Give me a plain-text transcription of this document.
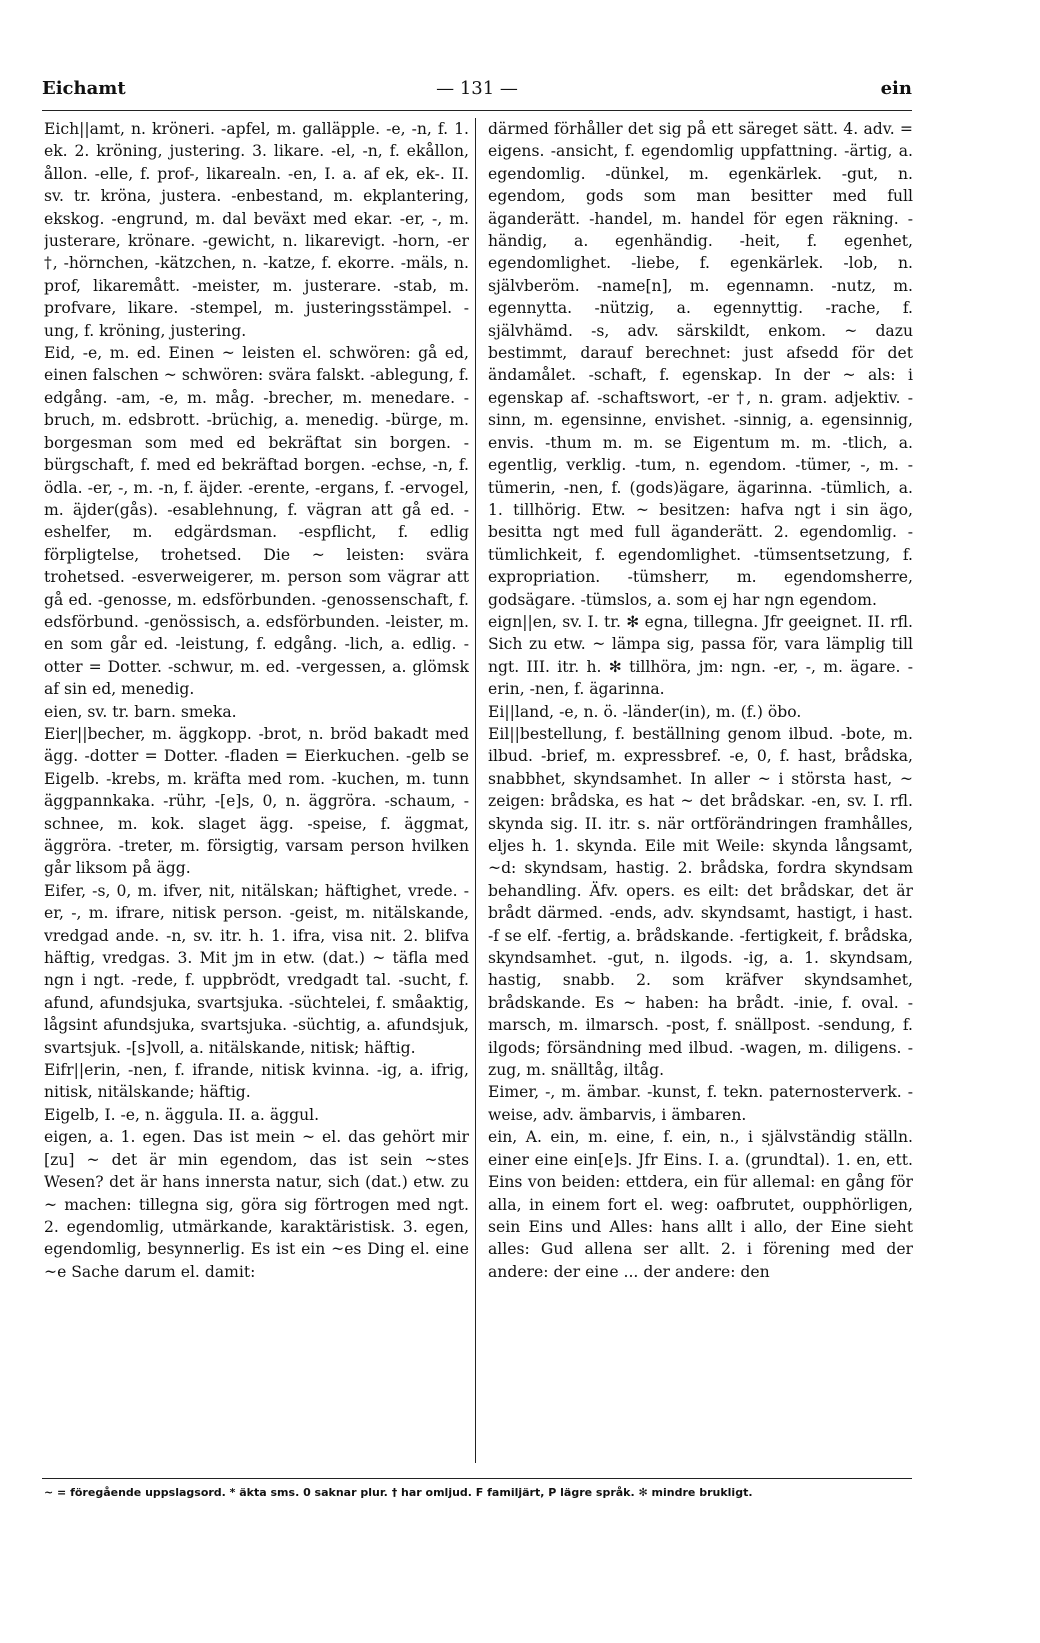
Eichamt	— 131 —	ein

Eich||amt, n. kröneri. -apfel, m. galläpple. -e, -n, f. 1. ek. 2. kröning, justering. 3. likare. -el, -n, f. ekållon, ållon. -elle, f. prof-, likarealn. -en, I. a. af ek, ek-. II. sv. tr. kröna, justera. -enbestand, m. ekplantering, ekskog. -engrund, m. dal beväxt med ekar. -er, -, m. justerare, krönare. -gewicht, n. likarevigt. -horn, -er †, -hörnchen, -kätzchen, n. -katze, f. ekorre. -mäls, n. prof, likaremått. -meister, m. justerare. -stab, m. profvare, likare. -stempel, m. justeringsstämpel. -ung, f. kröning, justering.

Eid, -e, m. ed. Einen ~ leisten el. schwören: gå ed, einen falschen ~ schwören: svära falskt. -ablegung, f. edgång. -am, -e, m. måg. -brecher, m. menedare. -bruch, m. edsbrott. -brüchig, a. menedig. -bürge, m. borgesman som med ed bekräftat sin borgen. -bürgschaft, f. med ed bekräftad borgen. -echse, -n, f. ödla. -er, -, m. -n, f. äjder. -erente, -ergans, f. -ervogel, m. äjder(gås). -esablehnung, f. vägran att gå ed. -eshelfer, m. edgärdsman. -espflicht, f. edlig förpligtelse, trohetsed. Die ~ leisten: svära trohetsed. -esverweigerer, m. person som vägrar att gå ed. -genosse, m. edsförbunden. -genossenschaft, f. edsförbund. -genössisch, a. edsförbunden. -leister, m. en som går ed. -leistung, f. edgång. -lich, a. edlig. -otter = Dotter. -schwur, m. ed. -vergessen, a. glömsk af sin ed, menedig.

eien, sv. tr. barn. smeka.

Eier||becher, m. äggkopp. -brot, n. bröd bakadt med ägg. -dotter = Dotter. -fladen = Eierkuchen. -gelb se Eigelb. -krebs, m. kräfta med rom. -kuchen, m. tunn äggpannkaka. -rühr, -[e]s, 0, n. äggröra. -schaum, -schnee, m. kok. slaget ägg. -speise, f. äggmat, äggröra. -treter, m. försigtig, varsam person hvilken går liksom på ägg.

Eifer, -s, 0, m. ifver, nit, nitälskan; häftighet, vrede. -er, -, m. ifrare, nitisk person. -geist, m. nitälskande, vredgad ande. -n, sv. itr. h. 1. ifra, visa nit. 2. blifva häftig, vredgas. 3. Mit jm in etw. (dat.) ~ täfla med ngn i ngt. -rede, f. uppbrödt, vredgadt tal. -sucht, f. afund, afundsjuka, svartsjuka. -süchtelei, f. småaktig, lågsint afundsjuka, svartsjuka. -süchtig, a. afundsjuk, svartsjuk. -[s]voll, a. nitälskande, nitisk; häftig.

Eifr||erin, -nen, f. ifrande, nitisk kvinna. -ig, a. ifrig, nitisk, nitälskande; häftig.

Eigelb, I. -e, n. äggula. II. a. äggul.

eigen, a. 1. egen. Das ist mein ~ el. das gehört mir [zu] ~ det är min egendom, das ist sein ~stes Wesen? det är hans innersta natur, sich (dat.) etw. zu ~ machen: tillegna sig, göra sig förtrogen med ngt. 2. egendomlig, utmärkande, karaktäristisk. 3. egen, egendomlig, besynnerlig. Es ist ein ~es Ding el. eine ~e Sache darum el. damit:

därmed förhåller det sig på ett säreget sätt. 4. adv. = eigens. -ansicht, f. egendomlig uppfattning. -ärtig, a. egendomlig. -dünkel, m. egenkärlek. -gut, n. egendom, gods som man besitter med full äganderätt. -handel, m. handel för egen räkning. -händig, a. egenhändig. -heit, f. egenhet, egendomlighet. -liebe, f. egenkärlek. -lob, n. självberöm. -name[n], m. egennamn. -nutz, m. egennytta. -nützig, a. egennyttig. -rache, f. självhämd. -s, adv. särskildt, enkom. ~ dazu bestimmt, darauf berechnet: just afsedd för det ändamålet. -schaft, f. egenskap. In der ~ als: i egenskap af. -schaftswort, -er †, n. gram. adjektiv. -sinn, m. egensinne, envishet. -sinnig, a. egensinnig, envis. -thum m. m. se Eigentum m. m. -tlich, a. egentlig, verklig. -tum, n. egendom. -tümer, -, m. -tümerin, -nen, f. (gods)ägare, ägarinna. -tümlich, a. 1. tillhörig. Etw. ~ besitzen: hafva ngt i sin ägo, besitta ngt med full äganderätt. 2. egendomlig. -tümlichkeit, f. egendomlighet. -tümsentsetzung, f. expropriation. -tümsherr, m. egendomsherre, godsägare. -tümslos, a. som ej har ngn egendom.

eign||en, sv. I. tr. ✻ egna, tillegna. Jfr geeignet. II. rfl. Sich zu etw. ~ lämpa sig, passa för, vara lämplig till ngt. III. itr. h. ✻ tillhöra, jm: ngn. -er, -, m. ägare. -erin, -nen, f. ägarinna.

Ei||land, -e, n. ö. -länder(in), m. (f.) öbo.

Eil||bestellung, f. beställning genom ilbud. -bote, m. ilbud. -brief, m. expressbref. -e, 0, f. hast, brådska, snabbhet, skyndsamhet. In aller ~ i största hast, ~ zeigen: brådska, es hat ~ det brådskar. -en, sv. I. rfl. skynda sig. II. itr. s. när ortförändringen framhålles, eljes h. 1. skynda. Eile mit Weile: skynda långsamt, ~d: skyndsam, hastig. 2. brådska, fordra skyndsam behandling. Äfv. opers. es eilt: det brådskar, det är brådt därmed. -ends, adv. skyndsamt, hastigt, i hast. -f se elf. -fertig, a. brådskande. -fertigkeit, f. brådska, skyndsamhet. -gut, n. ilgods. -ig, a. 1. skyndsam, hastig, snabb. 2. som kräfver skyndsamhet, brådskande. Es ~ haben: ha brådt. -inie, f. oval. -marsch, m. ilmarsch. -post, f. snällpost. -sendung, f. ilgods; försändning med ilbud. -wagen, m. diligens. -zug, m. snälltåg, iltåg.

Eimer, -, m. ämbar. -kunst, f. tekn. paternosterverk. -weise, adv. ämbarvis, i ämbaren.

ein, A. ein, m. eine, f. ein, n., i självständig ställn. einer eine ein[e]s. Jfr Eins. I. a. (grundtal). 1. en, ett. Eins von beiden: ettdera, ein für allemal: en gång för alla, in einem fort el. weg: oafbrutet, oupphörligen, sein Eins und Alles: hans allt i allo, der Eine sieht alles: Gud allena ser allt. 2. i förening med der andere: der eine ... der andere: den

~ = föregående uppslagsord. * äkta sms. 0 saknar plur. † har omljud. F familjärt, P lägre språk. ✻ mindre brukligt.
